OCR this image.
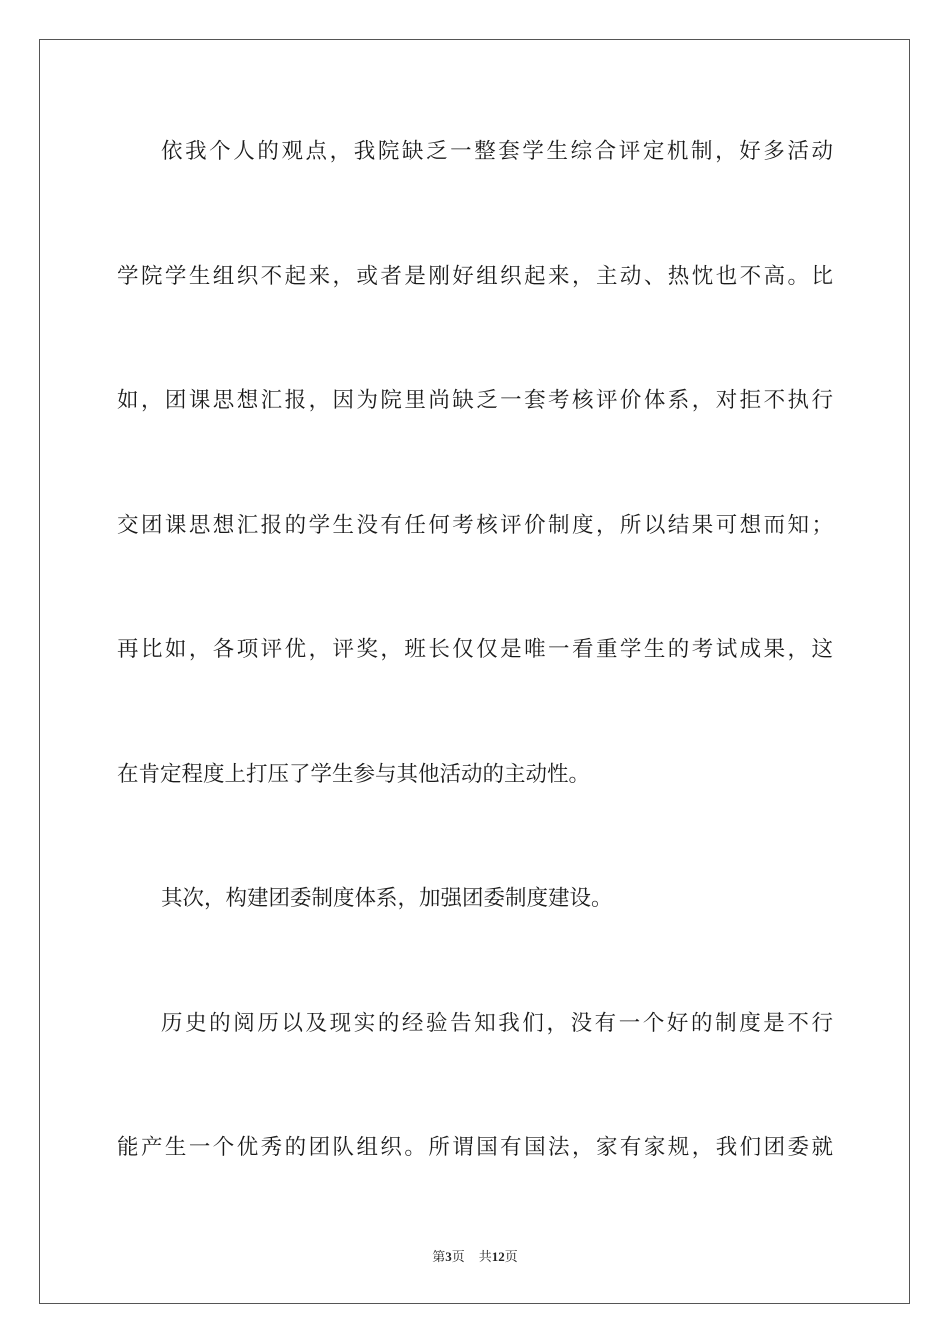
依我个人的观点，我院缺乏一整套学生综合评定机制，好多活动
学院学生组织不起来，或者是刚好组织起来，主动、热忱也不高。比
如，团课思想汇报，因为院里尚缺乏一套考核评价体系，对拒不执行
交团课思想汇报的学生没有任何考核评价制度，所以结果可想而知；
再比如，各项评优，评奖，班长仅仅是唯一看重学生的考试成果，这
在肯定程度上打压了学生参与其他活动的主动性。
其次，构建团委制度体系，加强团委制度建设。
历史的阅历以及现实的经验告知我们，没有一个好的制度是不行
能产生一个优秀的团队组织。所谓国有国法，家有家规，我们团委就
第3页 共12页
